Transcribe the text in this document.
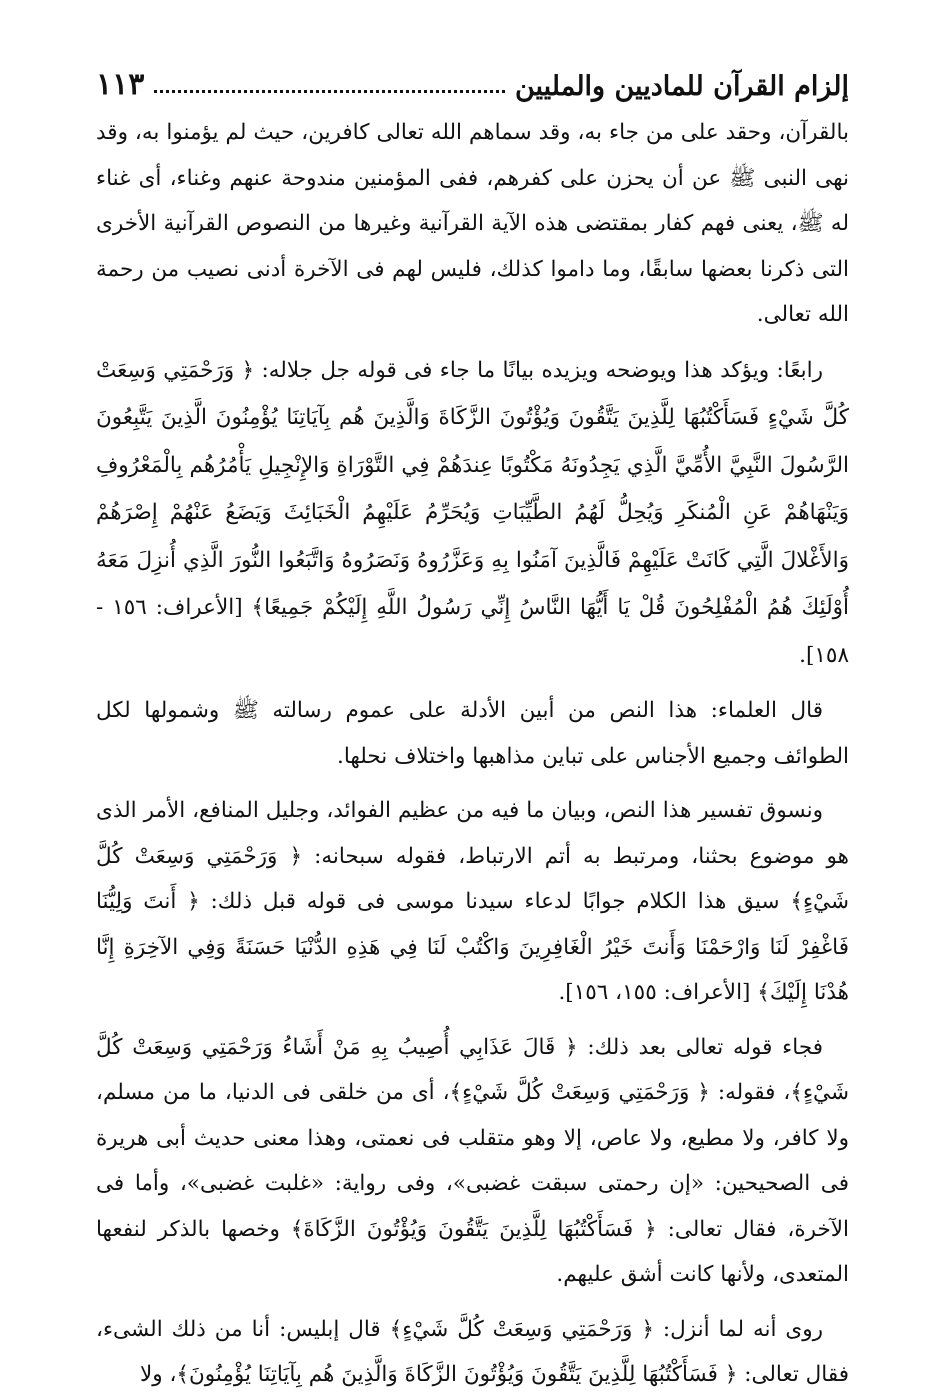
إلزام القرآن للماديين والمليين
١١٣

بالقرآن، وحقد على من جاء به، وقد سماهم الله تعالى كافرين، حيث لم يؤمنوا به، وقد نهى النبى ﷺ عن أن يحزن على كفرهم، ففى المؤمنين مندوحة عنهم وغناء، أى غناء له ﷺ، يعنى فهم كفار بمقتضى هذه الآية القرآنية وغيرها من النصوص القرآنية الأخرى التى ذكرنا بعضها سابقًا، وما داموا كذلك، فليس لهم فى الآخرة أدنى نصيب من رحمة الله تعالى.

رابعًا: ويؤكد هذا ويوضحه ويزيده بيانًا ما جاء فى قوله جل جلاله: ﴿ وَرَحْمَتِي وَسِعَتْ كُلَّ شَيْءٍ فَسَأَكْتُبُهَا لِلَّذِينَ يَتَّقُونَ وَيُؤْتُونَ الزَّكَاةَ وَالَّذِينَ هُم بِآيَاتِنَا يُؤْمِنُونَ الَّذِينَ يَتَّبِعُونَ الرَّسُولَ النَّبِيَّ الأُمِّيَّ الَّذِي يَجِدُونَهُ مَكْتُوبًا عِندَهُمْ فِي التَّوْرَاةِ وَالإِنْجِيلِ يَأْمُرُهُم بِالْمَعْرُوفِ وَيَنْهَاهُمْ عَنِ الْمُنكَرِ وَيُحِلُّ لَهُمُ الطَّيِّبَاتِ وَيُحَرِّمُ عَلَيْهِمُ الْخَبَائِثَ وَيَضَعُ عَنْهُمْ إِصْرَهُمْ وَالأَغْلالَ الَّتِي كَانَتْ عَلَيْهِمْ فَالَّذِينَ آمَنُوا بِهِ وَعَزَّرُوهُ وَنَصَرُوهُ وَاتَّبَعُوا النُّورَ الَّذِي أُنزِلَ مَعَهُ أُوْلَئِكَ هُمُ الْمُفْلِحُونَ قُلْ يَا أَيُّهَا النَّاسُ إِنِّي رَسُولُ اللَّهِ إِلَيْكُمْ جَمِيعًا﴾ [الأعراف: ١٥٦ - ١٥٨].

قال العلماء: هذا النص من أبين الأدلة على عموم رسالته ﷺ وشمولها لكل الطوائف وجميع الأجناس على تباين مذاهبها واختلاف نحلها.

ونسوق تفسير هذا النص، وبيان ما فيه من عظيم الفوائد، وجليل المنافع، الأمر الذى هو موضوع بحثنا، ومرتبط به أتم الارتباط، فقوله سبحانه: ﴿ وَرَحْمَتِي وَسِعَتْ كُلَّ شَيْءٍ﴾ سيق هذا الكلام جوابًا لدعاء سيدنا موسى فى قوله قبل ذلك: ﴿ أَنتَ وَلِيُّنَا فَاغْفِرْ لَنَا وَارْحَمْنَا وَأَنتَ خَيْرُ الْغَافِرِينَ وَاكْتُبْ لَنَا فِي هَذِهِ الدُّنْيَا حَسَنَةً وَفِي الآخِرَةِ إِنَّا هُدْنَا إِلَيْكَ﴾ [الأعراف: ١٥٥، ١٥٦].

فجاء قوله تعالى بعد ذلك: ﴿ قَالَ عَذَابِي أُصِيبُ بِهِ مَنْ أَشَاءُ وَرَحْمَتِي وَسِعَتْ كُلَّ شَيْءٍ﴾، فقوله: ﴿ وَرَحْمَتِي وَسِعَتْ كُلَّ شَيْءٍ﴾، أى من خلقى فى الدنيا، ما من مسلم، ولا كافر، ولا مطيع، ولا عاص، إلا وهو متقلب فى نعمتى، وهذا معنى حديث أبى هريرة فى الصحيحين: «إن رحمتى سبقت غضبى»، وفى رواية: «غلبت غضبى»، وأما فى الآخرة، فقال تعالى: ﴿ فَسَأَكْتُبُهَا لِلَّذِينَ يَتَّقُونَ وَيُؤْتُونَ الزَّكَاةَ﴾ وخصها بالذكر لنفعها المتعدى، ولأنها كانت أشق عليهم.

روى أنه لما أنزل: ﴿ وَرَحْمَتِي وَسِعَتْ كُلَّ شَيْءٍ﴾ قال إبليس: أنا من ذلك الشىء، فقال تعالى: ﴿ فَسَأَكْتُبُهَا لِلَّذِينَ يَتَّقُونَ وَيُؤْتُونَ الزَّكَاةَ وَالَّذِينَ هُم بِآيَاتِنَا يُؤْمِنُونَ﴾، ولا
